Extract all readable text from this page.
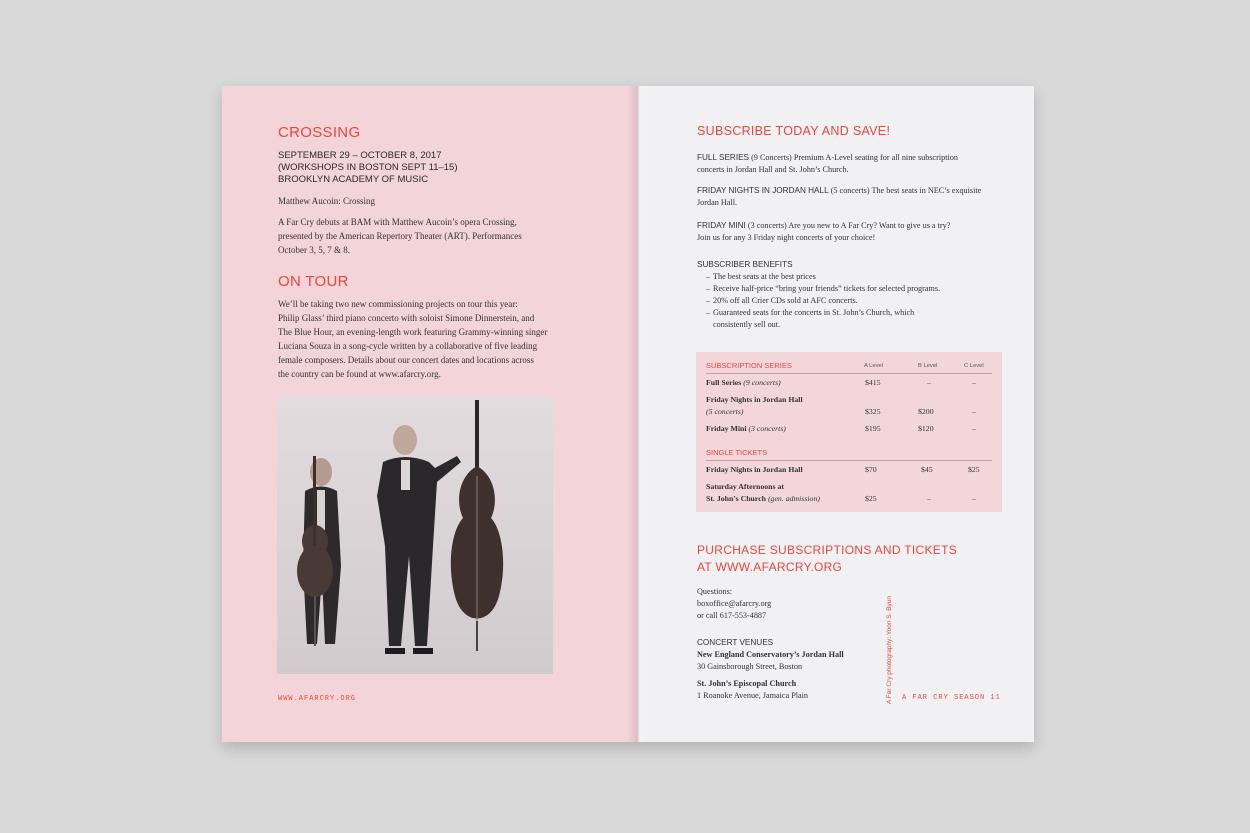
CROSSING
SEPTEMBER 29 – OCTOBER 8, 2017
(WORKSHOPS IN BOSTON SEPT 11–15)
BROOKLYN ACADEMY OF MUSIC
Matthew Aucoin: Crossing
A Far Cry debuts at BAM with Matthew Aucoin’s opera Crossing,
presented by the American Repertory Theater (ART). Performances
October 3, 5, 7 & 8.
ON TOUR
We’ll be taking two new commissioning projects on tour this year:
Philip Glass’ third piano concerto with soloist Simone Dinnerstein, and
The Blue Hour, an evening-length work featuring Grammy-winning singer
Luciana Souza in a song-cycle written by a collaborative of five leading
female composers. Details about our concert dates and locations across
the country can be found at www.afarcry.org.
WWW.AFARCRY.ORG	A Far Cry photography: Yoon S. Byun
SUBSCRIBE TODAY AND SAVE!
FULL SERIES (9 Concerts) Premium A-Level seating for all nine subscription
concerts in Jordan Hall and St. John’s Church.
FRIDAY NIGHTS IN JORDAN HALL (5 concerts) The best seats in NEC’s exquisite
Jordan Hall.
FRIDAY MINI (3 concerts) Are you new to A Far Cry? Want to give us a try?
Join us for any 3 Friday night concerts of your choice!
SUBSCRIBER BENEFITS
– The best seats at the best prices
– Receive half-price “bring your friends” tickets for selected programs.
– 20% off all Crier CDs sold at AFC concerts.
– Guaranteed seats for the concerts in St. John’s Church, which
consistently sell out.
SUBSCRIPTION SERIES	A Level	B Level	C Level
Full Series (9 concerts)	$415	–	–
Friday Nights in Jordan Hall
(5 concerts)	$325	$200	–
Friday Mini (3 concerts)	$195	$120	–
SINGLE TICKETS
Friday Nights in Jordan Hall	$70	$45	$25
Saturday Afternoons at
St. John’s Church (gen. admission)	$25	–	–
PURCHASE SUBSCRIPTIONS AND TICKETS
AT WWW.AFARCRY.ORG
Questions:
boxoffice@afarcry.org
or call 617-553-4887
CONCERT VENUES
New England Conservatory’s Jordan Hall
30 Gainsborough Street, Boston
St. John’s Episcopal Church
1 Roanoke Avenue, Jamaica Plain	A FAR CRY SEASON 11
